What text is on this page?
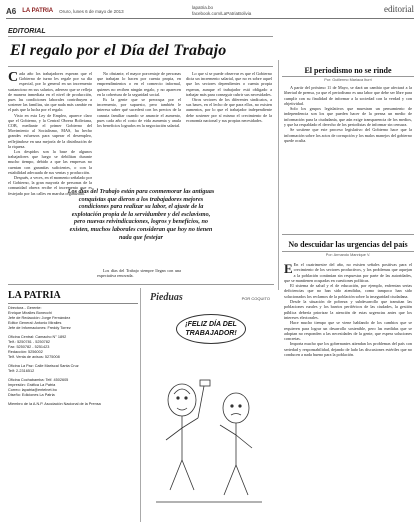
A6 LA PATRIA Oruro, lunes 6 de mayo de 2013
lapatria.bo
facebook.com/LaPatriaBolivia	editorial
EDITORIAL
El regalo por el Día del Trabajo
C ada año los trabajadores esperan que el Gobierno de turno les regale por su día especial, por lo general en un incremento sustancioso en sus salarios, aderezo que se refleja de manera inmediata en el nivel de producción, pues las condiciones laborales contribuyen a sostener las familias, sin que nada más cambie en el país que la lucha por el regalo.

Visto en esta Ley de Empleo, aparece claro que el Gobierno, y la Central Obrera Boliviana, COB, mediante el primer Gobierno del Movimiento al Socialismo, MAS, ha hecho grandes esfuerzos para superar el desempleo, reflejándose en una mejoría de la distribución de la riqueza.

Los despidos son la base de algunos trabajadores que luego se debilitan durante mucho tiempo, debido a que las empresas no cuentan con garantías suficientes, o con la estabilidad adecuada de sus ventas y producción.

Después, a veces, en el momento señalado por el Gobierno, la gran mayoría de personas de la comunidad obrera recibe el incremento que es festejado por las calles en marcha organizada.

No obstante, el mayor porcentaje de personas que trabajan lo hacen por cuenta propia, en emprendimientos o en el comercio informal, quienes no reciben ningún regalo, y no aparecen en la cobertura de la seguridad social.

Es la gente que se preocupa por el incremento, por supuesto, pero también le interesa saber qué sucederá con los precios de la canasta familiar cuando se anuncie el aumento, pues cada año el costo de vida aumenta y anula los beneficios logrados en la negociación salarial.

Los días del Trabajo siempre llegan con una expectativa renovada.

Lo que sí se puede observar es que el Gobierno dicta un incremento salarial, que no es sobre aquel que los sectores dependientes o cuenta propia esperan, aunque el trabajador está obligado a trabajar más para conseguir cubrir sus necesidades.

Otros sectores de los diferentes sindicatos, a sus bases, en el lecho de que para ellos, no existen aumentos, por lo que el trabajador independiente debe sostener por sí mismo el crecimiento de la economía nacional y sus propias necesidades.

Los días del Trabajo están para conmemorar las antiguas conquistas que dieron a los trabajadores mejores condiciones para realizar su labor, el ajuste de la explotación propia de la servidumbre y del esclavismo, pero nuevas reivindicaciones, logros y beneficios, no existen, muchos laborales consideran que hoy no tienen nada que festejar
El periodismo no se rinde
Por: Guillermo Mariaca Iturri

A partir del próximo 11 de Mayo, se dará un cambio que afectará a la libertad de prensa, ya que el periodismo es una labor que debe ser libre para cumplir con su finalidad de informar a la sociedad con la verdad y con objetividad.

Solo los grupos legislativos que muestran un pensamiento de independencia son los que pueden hacer de la prensa un medio de información para la ciudadanía, que aún exige transparencia de los medios, y que ha respaldado el derecho de los periodistas de informar sin censura.

Se sostiene que este proceso legislativo del Gobierno hace que la información sobre los actos de corrupción y los malos manejos del gobierno quede oculta.

No descuidar las urgencias del país
Por: Armando Manrique V.
E En el cuatrimestre del año, no existen señales positivas para el crecimiento de los sectores productivos, y los problemas que aquejan a la población continúan sin respuestas por parte de las autoridades, que se mantienen ocupadas en cuestiones políticas.

El sistema de salud y el de educación, por ejemplo, enfrentan serias deficiencias que no han sido atendidas, como tampoco han sido solucionados los reclamos de la población sobre la inseguridad ciudadana.

Desde la situación de pobreza y subdesarrollo que transitan las poblaciones rurales y los barrios periféricos de las ciudades, la gestión pública debería priorizar la atención de estas urgencias antes que los intereses electorales.

Hace mucho tiempo que se viene hablando de los cambios que se requieren para lograr un desarrollo sostenible, pero las medidas que se adoptan no responden a las necesidades de la gente, que espera soluciones concretas.

Importa mucho que los gobernantes atiendan los problemas del país con seriedad y responsabilidad, dejando de lado las discusiones estériles que no conducen a nada bueno para la población.

LA PATRIA
Directora - Gerente:
Enrique Miralles Bonecchi
Jefe de Redacción: Jorge Fernández
Editor General: Antonio Miralles
Jefe de Informaciones: Freddy Torrez
Oficina Central: Camacho N° 1892
Telf.: 5250781 - 5250782
Fax: 5250782 - 5251423
Redacción: 5256002
Telf. Venta de avisos: 5275008
Oficina La Paz: Calle Mariscal Santa Cruz
Telf: 2-2316512
Oficina Cochabamba: Telf. 4502605
Impresión: Gráfica La Patria
Correo: lapatria@entelnet.bo
Diseño: Ediciones La Patria
Miembro de la A.N.P. Asociación Nacional de la Prensa
Pieduas	POR COQUITO
¡FELIZ DÍA DEL TRABAJADOR!
